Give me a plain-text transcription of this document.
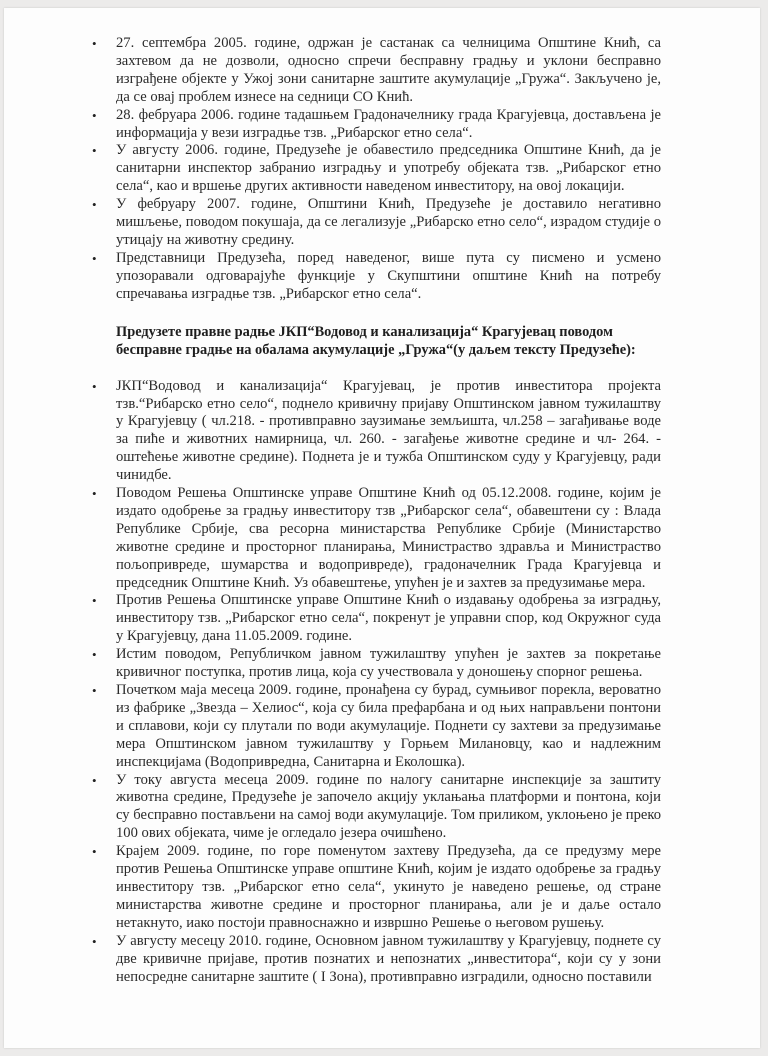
• 27. септембра 2005. године, одржан је састанак са челницима Општине Кнић, са захтевом да не дозволи, односно спречи бесправну градњу и уклони бесправно изграђене објекте у Ужој зони санитарне заштите акумулације „Гружа“. Закључено је, да се овај проблем изнесе на седници СО Кнић.
• 28. фебруара 2006. године тадашњем Градоначелнику града Крагујевца, достављена је информација у вези изградње тзв. „Рибарског етно села“.
• У августу 2006. године, Предузеће је обавестило председника Општине Кнић, да је санитарни инспектор забранио изградњу и употребу објеката тзв. „Рибарског етно села“, као и вршење других активности наведеном инвеститору, на овој локацији.
• У фебруару 2007. године, Општини Кнић, Предузеће је доставило негативно мишљење, поводом покушаја, да се легализује „Рибарско етно село“, израдом студије о утицају на животну средину.
• Представници Предузећа, поред наведеног, више пута су писмено и усмено упозоравали одговарајуће функције у Скупштини општине Кнић на потребу спречавања изградње тзв. „Рибарског етно села“.
Предузете правне радње ЈКП“Водовод и канализација“ Крагујевац поводом
бесправне градње на обалама акумулације „Гружа“(у даљем тексту Предузеће):
• ЈКП“Водовод и канализација“ Крагујевац, је против инвеститора пројекта тзв.“Рибарско етно село“, поднело кривичну пријаву Општинском јавном тужилаштву у Крагујевцу ( чл.218. - противправно заузимање земљишта, чл.258 – загађивање воде за пиће и животних намирница, чл. 260. - загађење животне средине и чл- 264. - оштећење животне средине). Поднета је и тужба Општинском суду у Крагујевцу, ради чинидбе.
• Поводом Решења Општинске управе Општине Кнић од 05.12.2008. године, којим је издато одобрење за градњу инвеститору тзв „Рибарског села“, обавештени су : Влада Републике Србије, сва ресорна министарства Републике Србије (Министарство животне средине и просторног планирања, Министраство здравља и Министраство пољопривреде, шумарства и водопривреде), градоначелник Града Крагујевца и председник Општине Кнић. Уз обавештење, упућен је и захтев за предузимање мера.
• Против Решења Општинске управе Општине Кнић о издавању одобрења за изградњу, инвеститору тзв. „Рибарског етно села“, покренут је управни спор, код Окружног суда у Крагујевцу, дана 11.05.2009. године.
• Истим поводом, Републичком јавном тужилаштву упућен је захтев за покретање кривичног поступка, против лица, која су учествовала у доношењу спорног решења.
• Почетком маја месеца 2009. године, пронађена су бурад, сумњивог порекла, вероватно из фабрике „Звезда – Хелиос“, која су била префарбана и од њих направљени понтони и сплавови, који су плутали по води акумулације. Поднети су захтеви за предузимање мера Општинском јавном тужилаштву у Горњем Милановцу, као и надлежним инспекцијама (Водопривредна, Санитарна и Еколошка).
• У току августа месеца 2009. године по налогу санитарне инспекције за заштиту животна средине, Предузеће је започело акцију уклањања платформи и понтона, који су бесправно постављени на самој води акумулације. Том приликом, уклоњено је преко 100 ових објеката, чиме је огледало језера очишћено.
• Крајем 2009. године, по горе поменутом захтеву Предузећа, да се предузму мере против Решења Општинске управе општине Кнић, којим је издато одобрење за градњу инвеститору тзв. „Рибарског етно села“, укинуто је наведено решење, од стране министарства животне средине и просторног планирања, али је и даље остало нетакнуто, иако постоји правноснажно и извршно Решење о његовом рушењу.
• У августу месецу 2010. године, Основном јавном тужилаштву у Крагујевцу, поднете су две кривичне пријаве, против познатих и непознатих „инвеститора“, који су у зони непосредне санитарне заштите ( I Зона), противправно изградили, односно поставили
